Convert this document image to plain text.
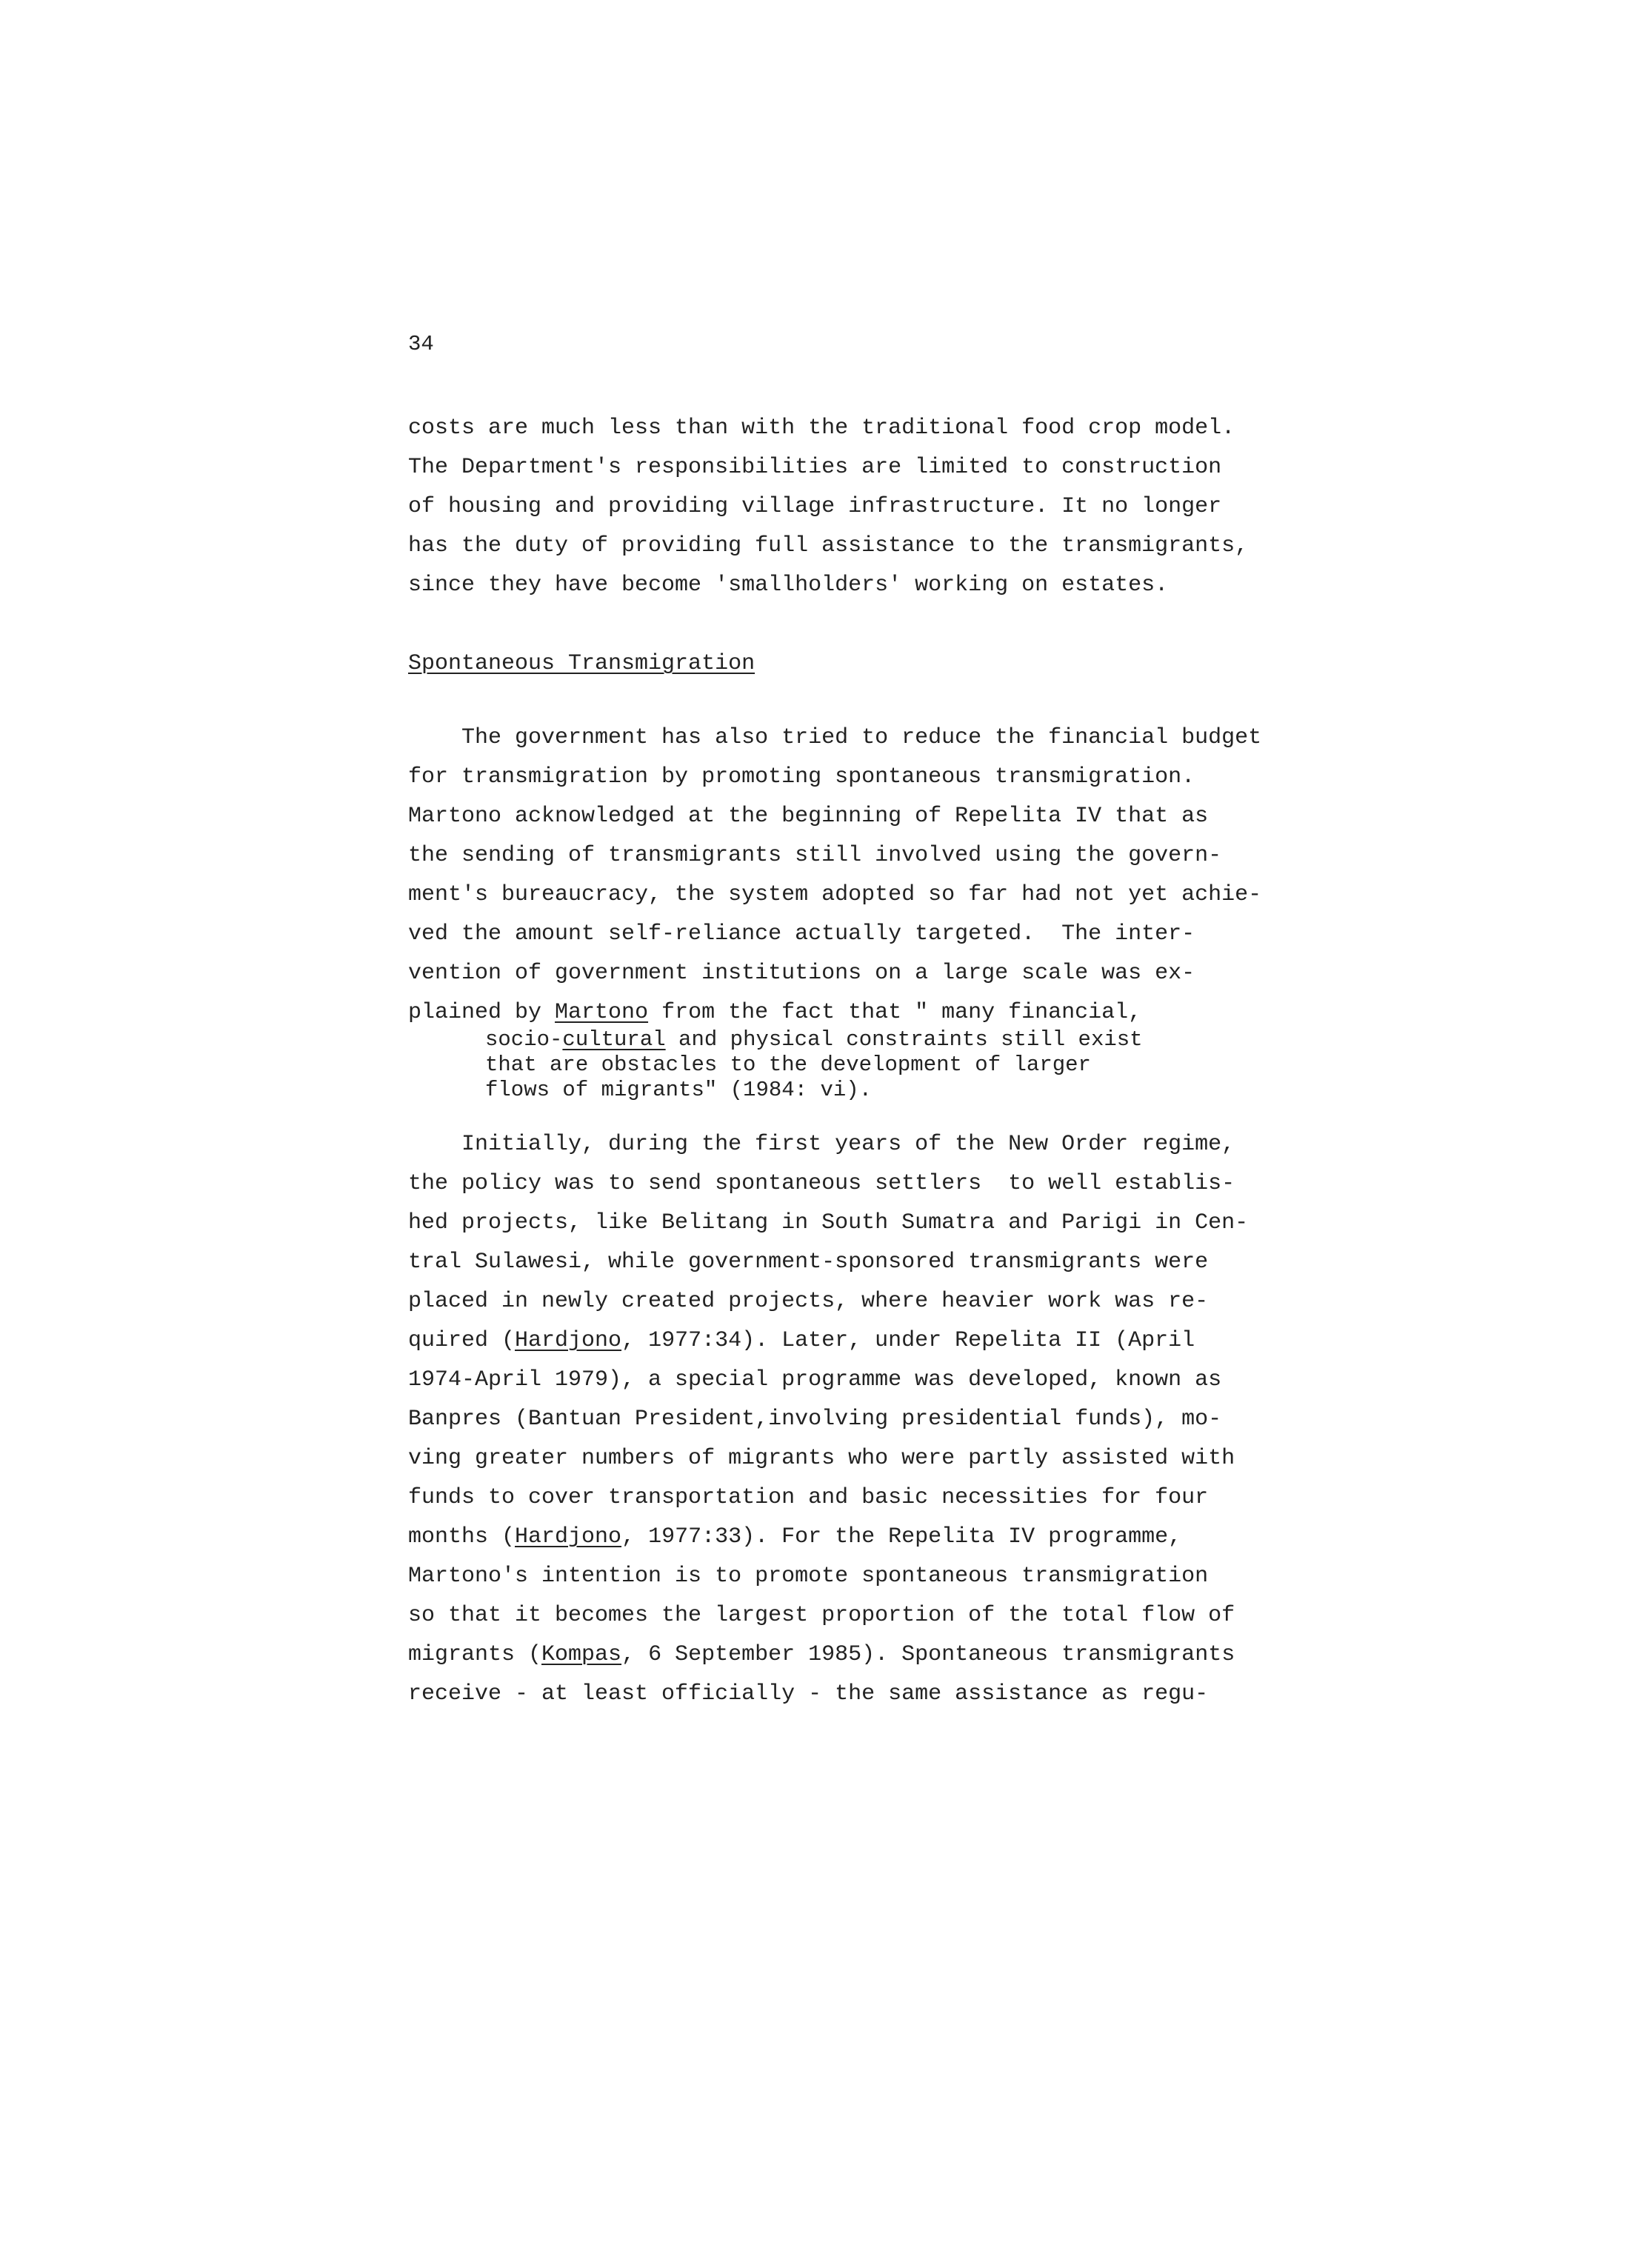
34
costs are much less than with the traditional food crop model.
The Department's responsibilities are limited to construction
of housing and providing village infrastructure. It no longer
has the duty of providing full assistance to the transmigrants,
since they have become 'smallholders' working on estates.
Spontaneous Transmigration
The government has also tried to reduce the financial budget
for transmigration by promoting spontaneous transmigration.
Martono acknowledged at the beginning of Repelita IV that as
the sending of transmigrants still involved using the govern-
ment's bureaucracy, the system adopted so far had not yet achie-
ved the amount self-reliance actually targeted.  The inter-
vention of government institutions on a large scale was ex-
plained by Martono from the fact that " many financial,
socio-cultural and physical constraints still exist
that are obstacles to the development of larger
flows of migrants" (1984: vi).
Initially, during the first years of the New Order regime,
the policy was to send spontaneous settlers  to well establis-
hed projects, like Belitang in South Sumatra and Parigi in Cen-
tral Sulawesi, while government-sponsored transmigrants were
placed in newly created projects, where heavier work was re-
quired (Hardjono, 1977:34). Later, under Repelita II (April
1974-April 1979), a special programme was developed, known as
Banpres (Bantuan President,involving presidential funds), mo-
ving greater numbers of migrants who were partly assisted with
funds to cover transportation and basic necessities for four
months (Hardjono, 1977:33). For the Repelita IV programme,
Martono's intention is to promote spontaneous transmigration
so that it becomes the largest proportion of the total flow of
migrants (Kompas, 6 September 1985). Spontaneous transmigrants
receive - at least officially - the same assistance as regu-
